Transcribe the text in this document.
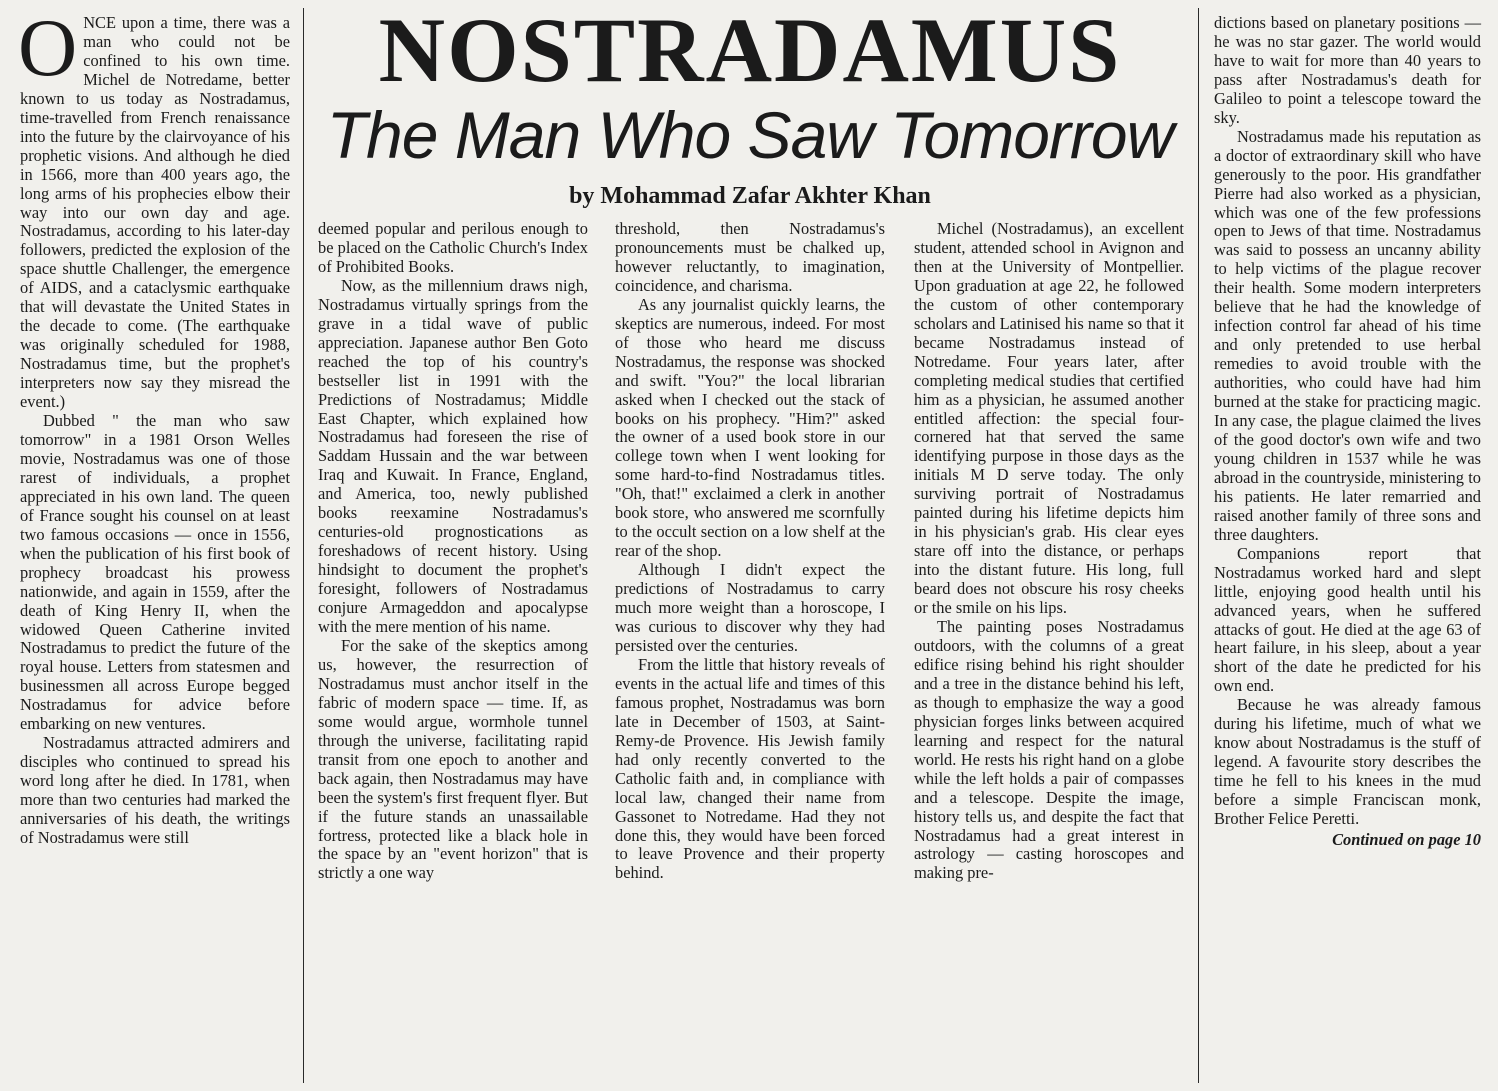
NOSTRADAMUS
The Man Who Saw Tomorrow
by Mohammad Zafar Akhter Khan

ONCE upon a time, there was a man who could not be confined to his own time. Michel de Notredame, better known to us today as Nostradamus, time-travelled from French renaissance into the future by the clairvoyance of his prophetic visions. And although he died in 1566, more than 400 years ago, the long arms of his prophecies elbow their way into our own day and age. Nostradamus, according to his later-day followers, predicted the explosion of the space shuttle Challenger, the emergence of AIDS, and a cataclysmic earthquake that will devastate the United States in the decade to come. (The earthquake was originally scheduled for 1988, Nostradamus time, but the prophet's interpreters now say they misread the event.)

Dubbed " the man who saw tomorrow" in a 1981 Orson Welles movie, Nostradamus was one of those rarest of individuals, a prophet appreciated in his own land. The queen of France sought his counsel on at least two famous occasions — once in 1556, when the publication of his first book of prophecy broadcast his prowess nationwide, and again in 1559, after the death of King Henry II, when the widowed Queen Catherine invited Nostradamus to predict the future of the royal house. Letters from statesmen and businessmen all across Europe begged Nostradamus for advice before embarking on new ventures.

Nostradamus attracted admirers and disciples who continued to spread his word long after he died. In 1781, when more than two centuries had marked the anniversaries of his death, the writings of Nostradamus were still

deemed popular and perilous enough to be placed on the Catholic Church's Index of Prohibited Books.

Now, as the millennium draws nigh, Nostradamus virtually springs from the grave in a tidal wave of public appreciation. Japanese author Ben Goto reached the top of his country's bestseller list in 1991 with the Predictions of Nostradamus; Middle East Chapter, which explained how Nostradamus had foreseen the rise of Saddam Hussain and the war between Iraq and Kuwait. In France, England, and America, too, newly published books reexamine Nostradamus's centuries-old prognostications as foreshadows of recent history. Using hindsight to document the prophet's foresight, followers of Nostradamus conjure Armageddon and apocalypse with the mere mention of his name.

For the sake of the skeptics among us, however, the resurrection of Nostradamus must anchor itself in the fabric of modern space — time. If, as some would argue, wormhole tunnel through the universe, facilitating rapid transit from one epoch to another and back again, then Nostradamus may have been the system's first frequent flyer. But if the future stands an unassailable fortress, protected like a black hole in the space by an "event horizon" that is strictly a one way

threshold, then Nostradamus's pronouncements must be chalked up, however reluctantly, to imagination, coincidence, and charisma.

As any journalist quickly learns, the skeptics are numerous, indeed. For most of those who heard me discuss Nostradamus, the response was shocked and swift. "You?" the local librarian asked when I checked out the stack of books on his prophecy. "Him?" asked the owner of a used book store in our college town when I went looking for some hard-to-find Nostradamus titles. "Oh, that!" exclaimed a clerk in another book store, who answered me scornfully to the occult section on a low shelf at the rear of the shop.

Although I didn't expect the predictions of Nostradamus to carry much more weight than a horoscope, I was curious to discover why they had persisted over the centuries.

From the little that history reveals of events in the actual life and times of this famous prophet, Nostradamus was born late in December of 1503, at Saint-Remy-de Provence. His Jewish family had only recently converted to the Catholic faith and, in compliance with local law, changed their name from Gassonet to Notredame. Had they not done this, they would have been forced to leave Provence and their property behind.

Michel (Nostradamus), an excellent student, attended school in Avignon and then at the University of Montpellier. Upon graduation at age 22, he followed the custom of other contemporary scholars and Latinised his name so that it became Nostradamus instead of Notredame. Four years later, after completing medical studies that certified him as a physician, he assumed another entitled affection: the special four-cornered hat that served the same identifying purpose in those days as the initials M D serve today. The only surviving portrait of Nostradamus painted during his lifetime depicts him in his physician's grab. His clear eyes stare off into the distance, or perhaps into the distant future. His long, full beard does not obscure his rosy cheeks or the smile on his lips.

The painting poses Nostradamus outdoors, with the columns of a great edifice rising behind his right shoulder and a tree in the distance behind his left, as though to emphasize the way a good physician forges links between acquired learning and respect for the natural world. He rests his right hand on a globe while the left holds a pair of compasses and a telescope. Despite the image, history tells us, and despite the fact that Nostradamus had a great interest in astrology — casting horoscopes and making pre-

dictions based on planetary positions — he was no star gazer. The world would have to wait for more than 40 years to pass after Nostradamus's death for Galileo to point a telescope toward the sky.

Nostradamus made his reputation as a doctor of extraordinary skill who have generously to the poor. His grandfather Pierre had also worked as a physician, which was one of the few professions open to Jews of that time. Nostradamus was said to possess an uncanny ability to help victims of the plague recover their health. Some modern interpreters believe that he had the knowledge of infection control far ahead of his time and only pretended to use herbal remedies to avoid trouble with the authorities, who could have had him burned at the stake for practicing magic. In any case, the plague claimed the lives of the good doctor's own wife and two young children in 1537 while he was abroad in the countryside, ministering to his patients. He later remarried and raised another family of three sons and three daughters.

Companions report that Nostradamus worked hard and slept little, enjoying good health until his advanced years, when he suffered attacks of gout. He died at the age 63 of heart failure, in his sleep, about a year short of the date he predicted for his own end.

Because he was already famous during his lifetime, much of what we know about Nostradamus is the stuff of legend. A favourite story describes the time he fell to his knees in the mud before a simple Franciscan monk, Brother Felice Peretti.

Continued on page 10
